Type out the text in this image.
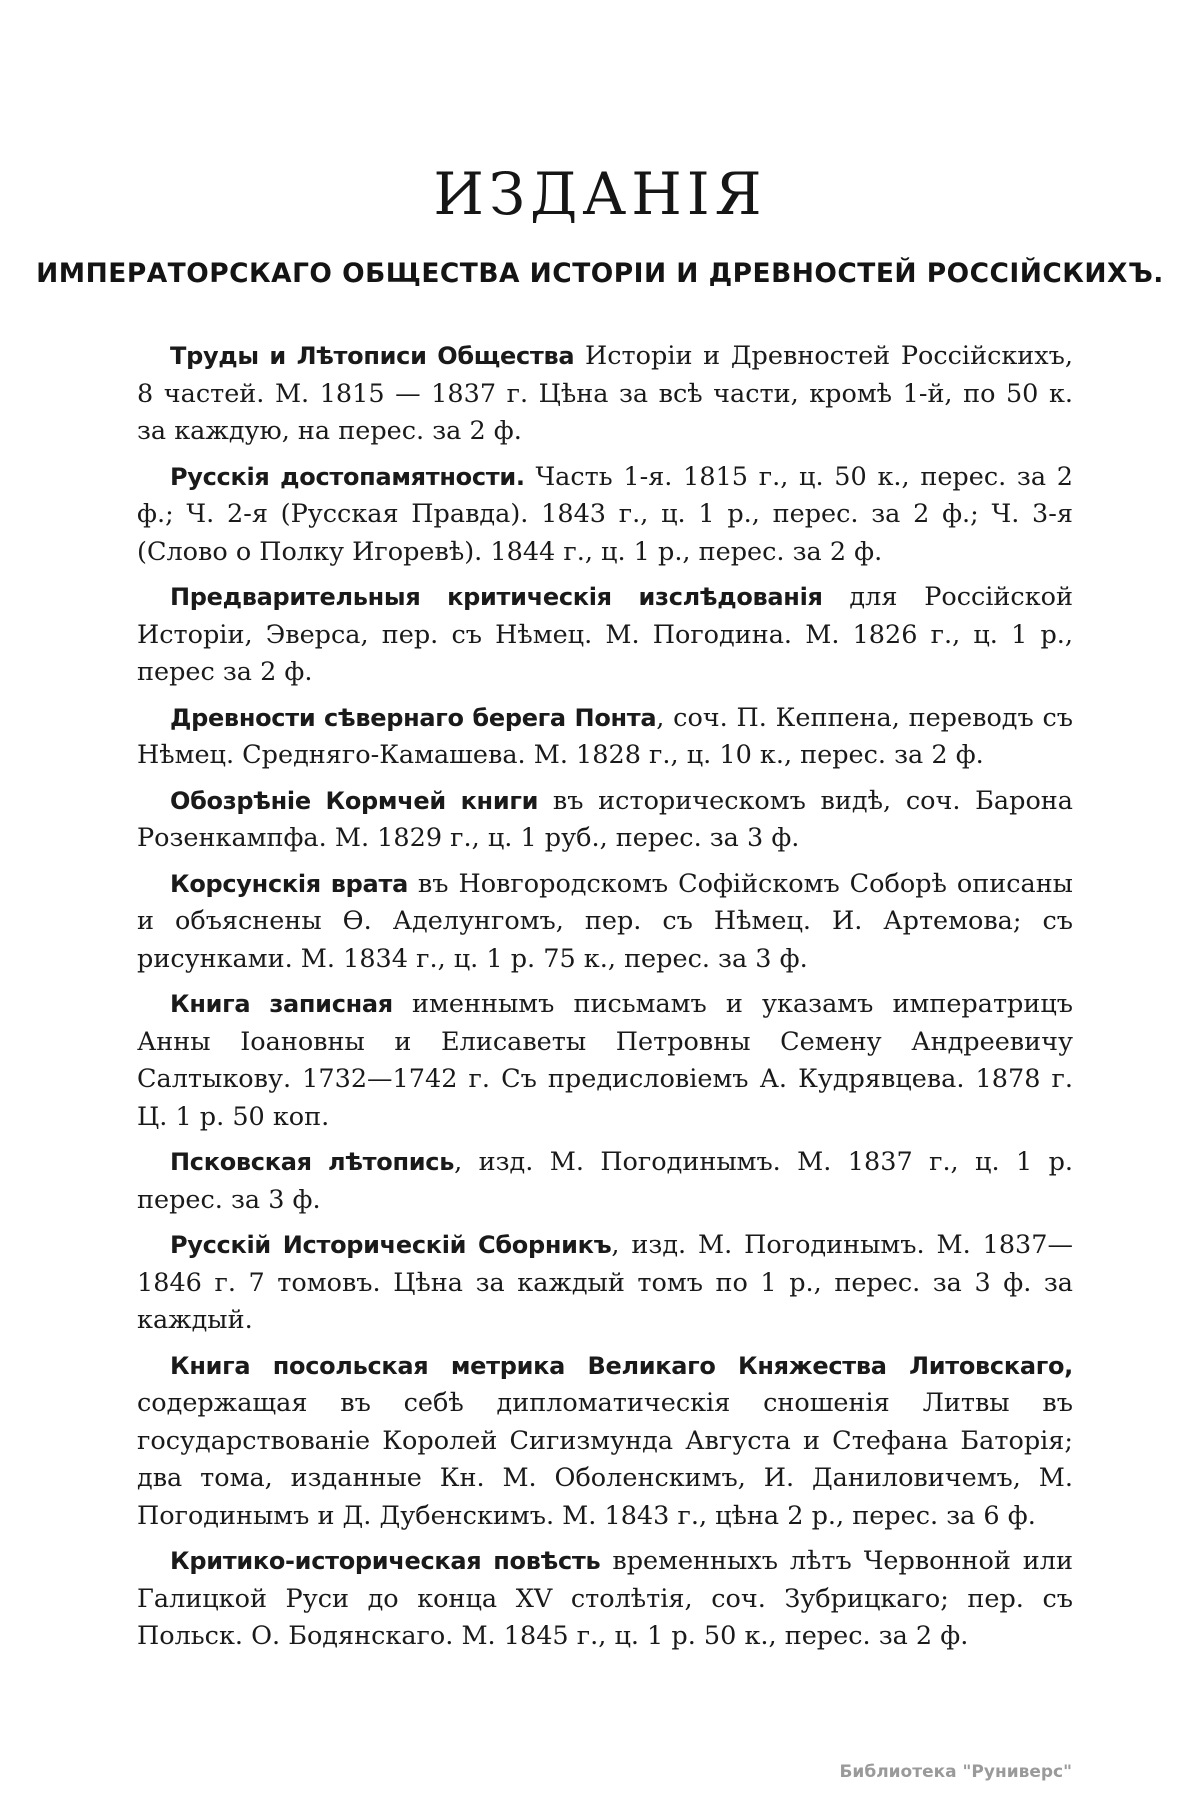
ИЗДАНІЯ
ИМПЕРАТОРСКАГО ОБЩЕСТВА ИСТОРІИ И ДРЕВНОСТЕЙ РОССІЙСКИХЪ.

Труды и Лѣтописи Общества Исторіи и Древностей Россійскихъ, 8 частей. М. 1815 — 1837 г. Цѣна за всѣ части, кромѣ 1-й, по 50 к. за каждую, на перес. за 2 ф.

Русскія достопамятности. Часть 1-я. 1815 г., ц. 50 к., перес. за 2 ф.; Ч. 2-я (Русская Правда). 1843 г., ц. 1 р., перес. за 2 ф.; Ч. 3-я (Слово о Полку Игоревѣ). 1844 г., ц. 1 р., перес. за 2 ф.

Предварительныя критическія изслѣдованія для Россійской Исторіи, Эверса, пер. съ Нѣмец. М. Погодина. М. 1826 г., ц. 1 р., перес за 2 ф.

Древности сѣвернаго берега Понта, соч. П. Кеппена, переводъ съ Нѣмец. Средняго-Камашева. М. 1828 г., ц. 10 к., перес. за 2 ф.

Обозрѣніе Кормчей книги въ историческомъ видѣ, соч. Барона Розенкампфа. М. 1829 г., ц. 1 руб., перес. за 3 ф.

Корсунскія врата въ Новгородскомъ Софійскомъ Соборѣ описаны и объяснены Ѳ. Аделунгомъ, пер. съ Нѣмец. И. Артемова; съ рисунками. М. 1834 г., ц. 1 р. 75 к., перес. за 3 ф.

Книга записная именнымъ письмамъ и указамъ императрицъ Анны Іоановны и Елисаветы Петровны Семену Андреевичу Салтыкову. 1732—1742 г. Съ предисловіемъ А. Кудрявцева. 1878 г. Ц. 1 р. 50 коп.

Псковская лѣтопись, изд. М. Погодинымъ. М. 1837 г., ц. 1 р. перес. за 3 ф.

Русскій Историческій Сборникъ, изд. М. Погодинымъ. М. 1837—1846 г. 7 томовъ. Цѣна за каждый томъ по 1 р., перес. за 3 ф. за каждый.

Книга посольская метрика Великаго Княжества Литовскаго, содержащая въ себѣ дипломатическія сношенія Литвы въ государствованіе Королей Сигизмунда Августа и Стефана Баторія; два тома, изданные Кн. М. Оболенскимъ, И. Даниловичемъ, М. Погодинымъ и Д. Дубенскимъ. М. 1843 г., цѣна 2 р., перес. за 6 ф.

Критико-историческая повѣсть временныхъ лѣтъ Червонной или Галицкой Руси до конца XV столѣтія, соч. Зубрицкаго; пер. съ Польск. О. Бодянскаго. М. 1845 г., ц. 1 р. 50 к., перес. за 2 ф.

Библиотека "Руниверс"
